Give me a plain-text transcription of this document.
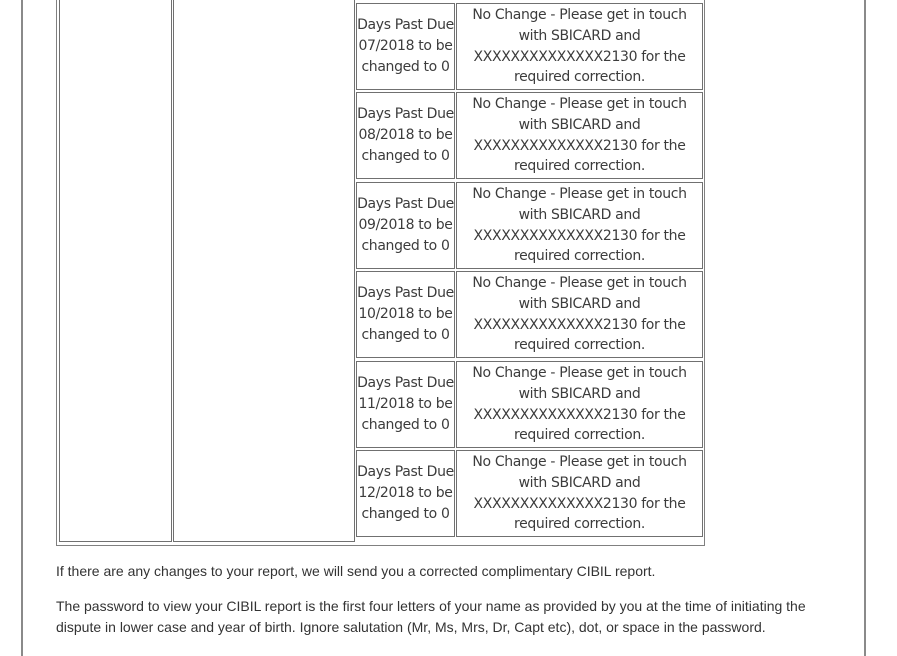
Days Past Due 07/2018 to be changed to 0
No Change - Please get in touch with SBICARD and XXXXXXXXXXXXXX2130 for the required correction.
Days Past Due 08/2018 to be changed to 0
No Change - Please get in touch with SBICARD and XXXXXXXXXXXXXX2130 for the required correction.
Days Past Due 09/2018 to be changed to 0
No Change - Please get in touch with SBICARD and XXXXXXXXXXXXXX2130 for the required correction.
Days Past Due 10/2018 to be changed to 0
No Change - Please get in touch with SBICARD and XXXXXXXXXXXXXX2130 for the required correction.
Days Past Due 11/2018 to be changed to 0
No Change - Please get in touch with SBICARD and XXXXXXXXXXXXXX2130 for the required correction.
Days Past Due 12/2018 to be changed to 0
No Change - Please get in touch with SBICARD and XXXXXXXXXXXXXX2130 for the required correction.

If there are any changes to your report, we will send you a corrected complimentary CIBIL report.

The password to view your CIBIL report is the first four letters of your name as provided by you at the time of initiating the dispute in lower case and year of birth. Ignore salutation (Mr, Ms, Mrs, Dr, Capt etc), dot, or space in the password.
